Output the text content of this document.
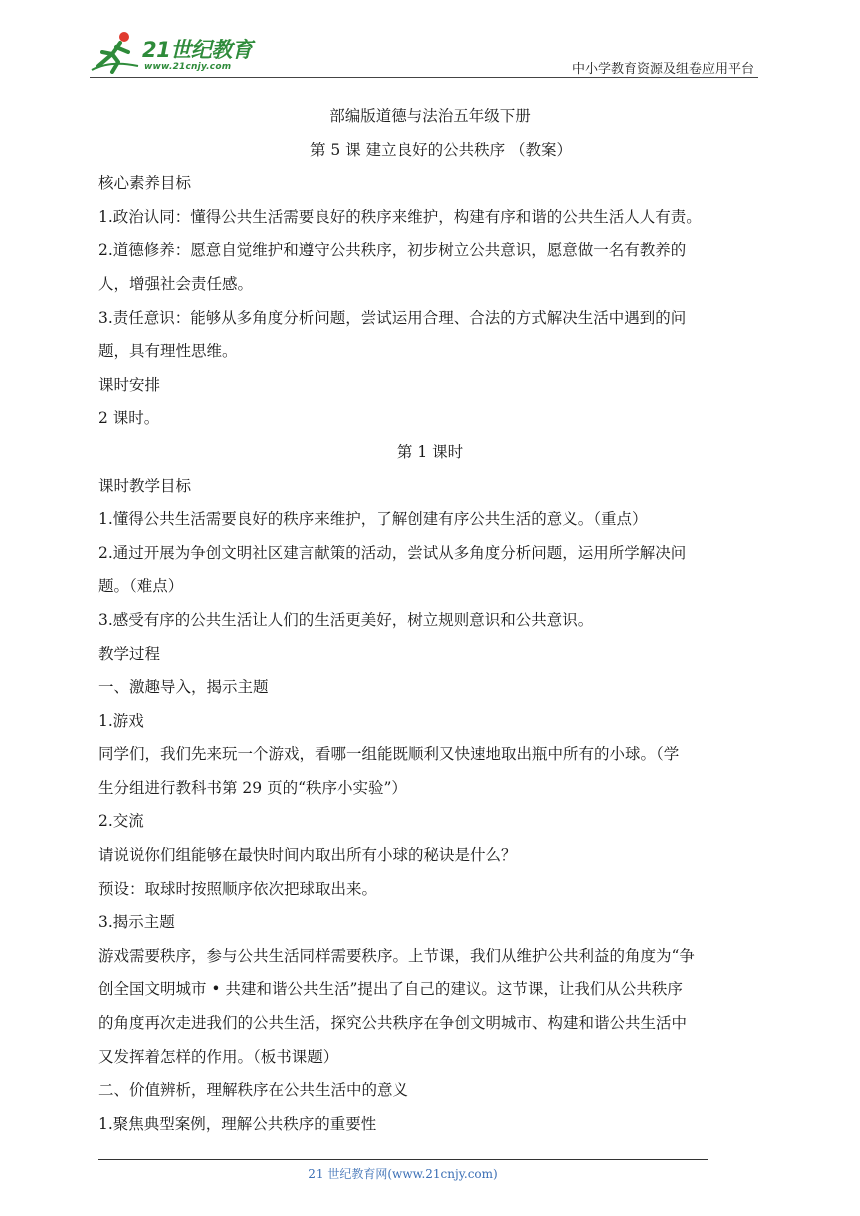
21世纪教育
www.21cnjy.com	中小学教育资源及组卷应用平台
部编版道德与法治五年级下册
第 5 课 建立良好的公共秩序 （教案）
核心素养目标
1.政治认同：懂得公共生活需要良好的秩序来维护，构建有序和谐的公共生活人人有责。
2.道德修养：愿意自觉维护和遵守公共秩序，初步树立公共意识，愿意做一名有教养的
人，增强社会责任感。
3.责任意识：能够从多角度分析问题，尝试运用合理、合法的方式解决生活中遇到的问
题，具有理性思维。
课时安排
2 课时。
第 1 课时
课时教学目标
1.懂得公共生活需要良好的秩序来维护，了解创建有序公共生活的意义。（重点）
2.通过开展为争创文明社区建言献策的活动，尝试从多角度分析问题，运用所学解决问
题。（难点）
3.感受有序的公共生活让人们的生活更美好，树立规则意识和公共意识。
教学过程
一、激趣导入，揭示主题
1.游戏
同学们，我们先来玩一个游戏，看哪一组能既顺利又快速地取出瓶中所有的小球。（学
生分组进行教科书第 29 页的“秩序小实验”）
2.交流
请说说你们组能够在最快时间内取出所有小球的秘诀是什么？
预设：取球时按照顺序依次把球取出来。
3.揭示主题
游戏需要秩序，参与公共生活同样需要秩序。上节课，我们从维护公共利益的角度为“争
创全国文明城市 • 共建和谐公共生活”提出了自己的建议。这节课，让我们从公共秩序
的角度再次走进我们的公共生活，探究公共秩序在争创文明城市、构建和谐公共生活中
又发挥着怎样的作用。（板书课题）
二、价值辨析，理解秩序在公共生活中的意义
1.聚焦典型案例，理解公共秩序的重要性
21 世纪教育网(www.21cnjy.com)
